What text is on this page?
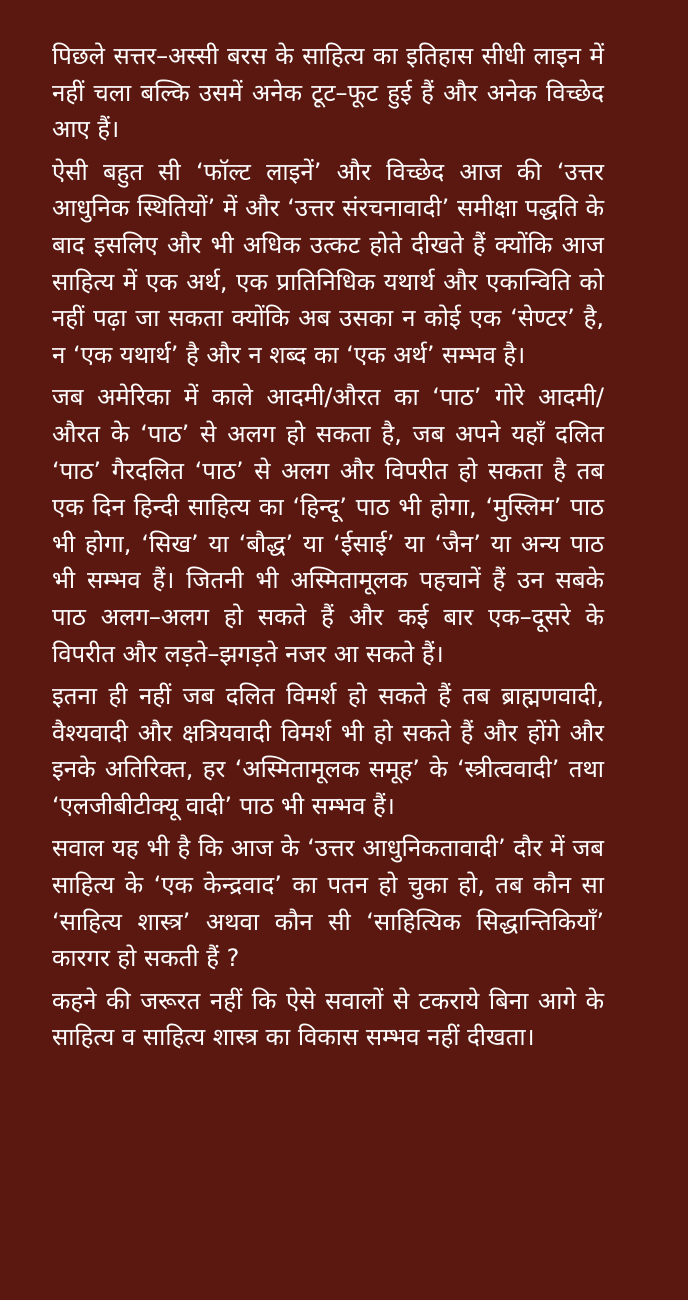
पिछले सत्तर–अस्सी बरस के साहित्य का इतिहास सीधी लाइन में नहीं चला बल्कि उसमें अनेक टूट–फूट हुई हैं और अनेक विच्छेद आए हैं।

ऐसी बहुत सी ‘फॉल्ट लाइनें’ और विच्छेद आज की ‘उत्तर आधुनिक स्थितियों’ में और ‘उत्तर संरचनावादी’ समीक्षा पद्धति के बाद इसलिए और भी अधिक उत्कट होते दीखते हैं क्योंकि आज साहित्य में एक अर्थ, एक प्रातिनिधिक यथार्थ और एकान्विति को नहीं पढ़ा जा सकता क्योंकि अब उसका न कोई एक ‘सेण्टर’ है, न ‘एक यथार्थ’ है और न शब्द का ‘एक अर्थ’ सम्भव है।

जब अमेरिका में काले आदमी/औरत का ‘पाठ’ गोरे आदमी/औरत के ‘पाठ’ से अलग हो सकता है, जब अपने यहाँ दलित ‘पाठ’ गैरदलित ‘पाठ’ से अलग और विपरीत हो सकता है तब एक दिन हिन्दी साहित्य का ‘हिन्दू’ पाठ भी होगा, ‘मुस्लिम’ पाठ भी होगा, ‘सिख’ या ‘बौद्ध’ या ‘ईसाई’ या ‘जैन’ या अन्य पाठ भी सम्भव हैं। जितनी भी अस्मितामूलक पहचानें हैं उन सबके पाठ अलग–अलग हो सकते हैं और कई बार एक–दूसरे के विपरीत और लड़ते–झगड़ते नजर आ सकते हैं।

इतना ही नहीं जब दलित विमर्श हो सकते हैं तब ब्राह्मणवादी, वैश्यवादी और क्षत्रियवादी विमर्श भी हो सकते हैं और होंगे और इनके अतिरिक्त, हर ‘अस्मितामूलक समूह’ के ‘स्त्रीत्ववादी’ तथा ‘एलजीबीटीक्यू वादी’ पाठ भी सम्भव हैं।

सवाल यह भी है कि आज के ‘उत्तर आधुनिकतावादी’ दौर में जब साहित्य के ‘एक केन्द्रवाद’ का पतन हो चुका हो, तब कौन सा ‘साहित्य शास्त्र’ अथवा कौन सी ‘साहित्यिक सिद्धान्तिकियाँ’ कारगर हो सकती हैं ?

कहने की जरूरत नहीं कि ऐसे सवालों से टकराये बिना आगे के साहित्य व साहित्य शास्त्र का विकास सम्भव नहीं दीखता।
